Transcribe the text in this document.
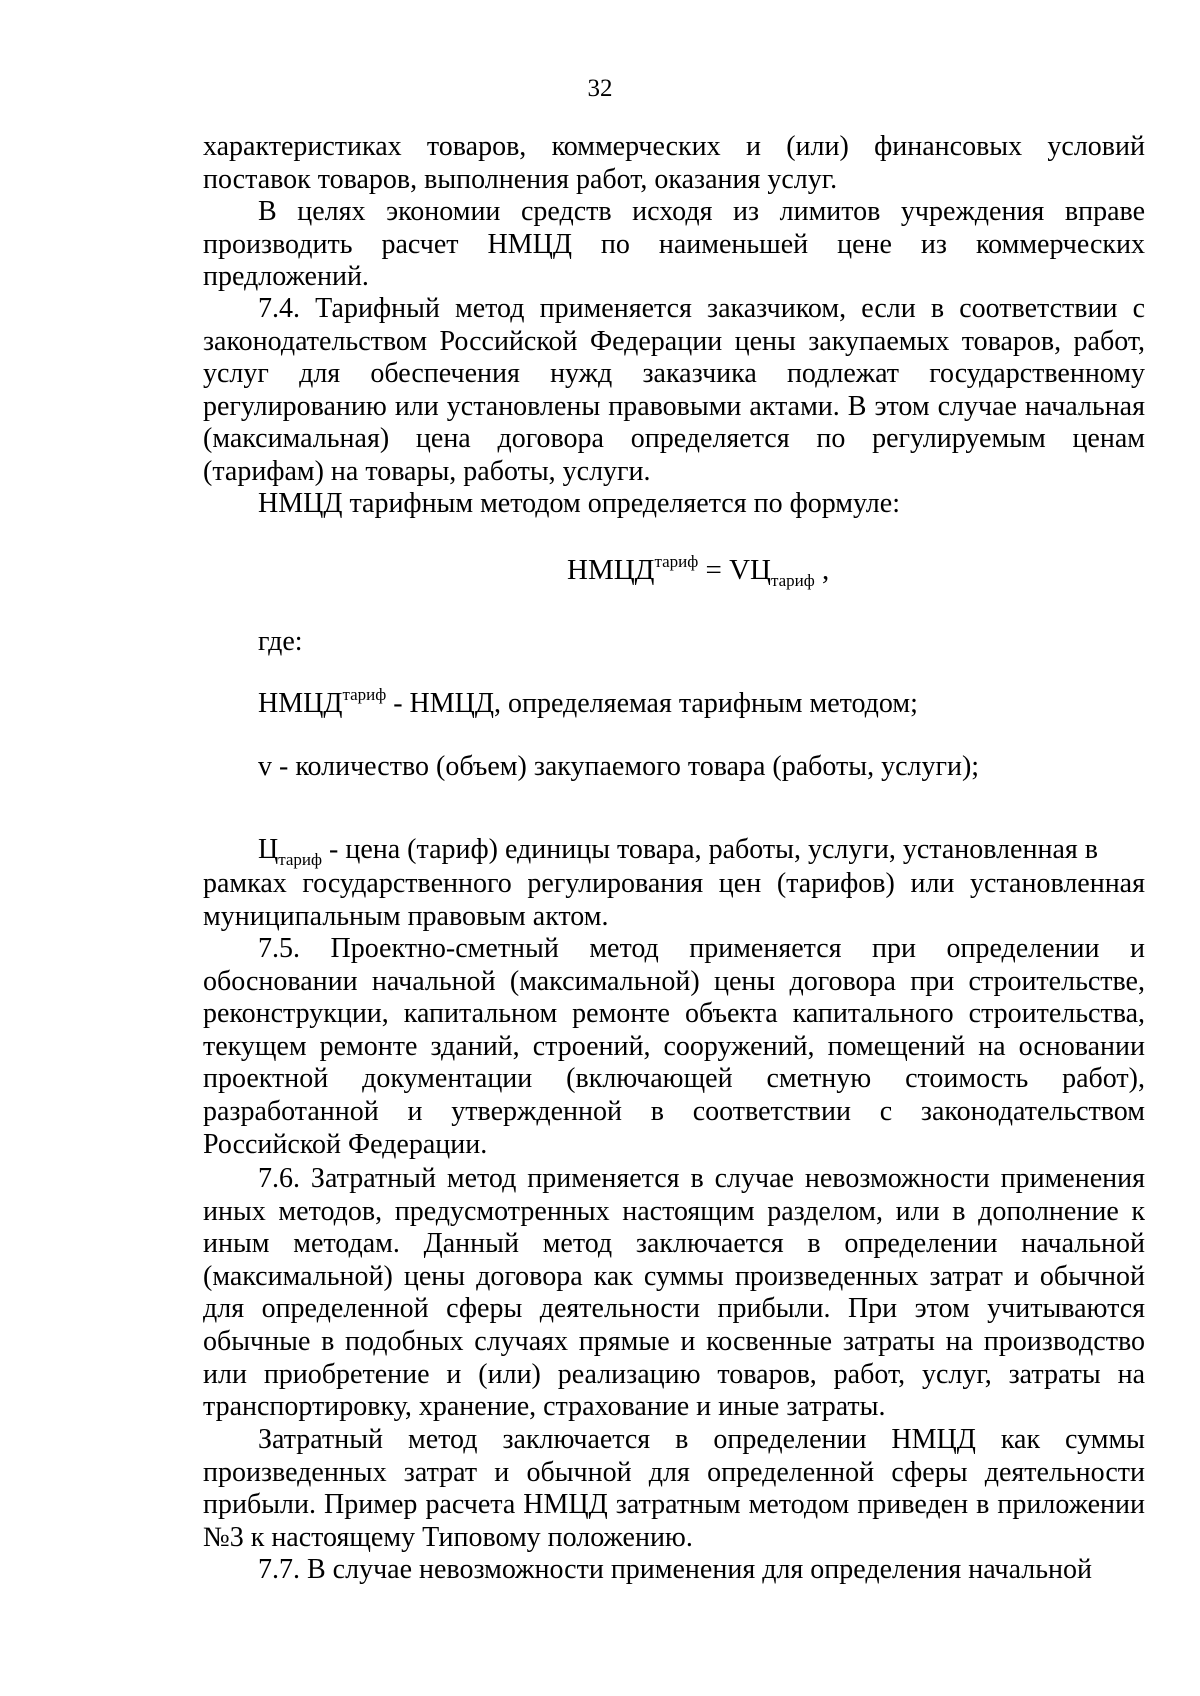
32

характеристиках товаров, коммерческих и (или) финансовых условий поставок товаров, выполнения работ, оказания услуг.

В целях экономии средств исходя из лимитов учреждения вправе производить расчет НМЦД по наименьшей цене из коммерческих предложений.

7.4. Тарифный метод применяется заказчиком, если в соответствии с законодательством Российской Федерации цены закупаемых товаров, работ, услуг для обеспечения нужд заказчика подлежат государственному регулированию или установлены правовыми актами. В этом случае начальная (максимальная) цена договора определяется по регулируемым ценам (тарифам) на товары, работы, услуги.

НМЦД тарифным методом определяется по формуле:

$НМЦД^{тариф} = VЦ_{тариф}$ ,
где:
$НМЦД^{тариф}$ - НМЦД, определяемая тарифным методом;
v - количество (объем) закупаемого товара (работы, услуги);
$Ц_{тариф}$ - цена (тариф) единицы товара, работы, услуги, установленная в

рамках государственного регулирования цен (тарифов) или установленная муниципальным правовым актом.

7.5. Проектно-сметный метод применяется при определении и обосновании начальной (максимальной) цены договора при строительстве, реконструкции, капитальном ремонте объекта капитального строительства, текущем ремонте зданий, строений, сооружений, помещений на основании проектной документации (включающей сметную стоимость работ), разработанной и утвержденной в соответствии с законодательством Российской Федерации.

7.6. Затратный метод применяется в случае невозможности применения иных методов, предусмотренных настоящим разделом, или в дополнение к иным методам. Данный метод заключается в определении начальной (максимальной) цены договора как суммы произведенных затрат и обычной для определенной сферы деятельности прибыли. При этом учитываются обычные в подобных случаях прямые и косвенные затраты на производство или приобретение и (или) реализацию товаров, работ, услуг, затраты на транспортировку, хранение, страхование и иные затраты.

Затратный метод заключается в определении НМЦД как суммы произведенных затрат и обычной для определенной сферы деятельности прибыли. Пример расчета НМЦД затратным методом приведен в приложении №3 к настоящему Типовому положению.

7.7. В случае невозможности применения для определения начальной
